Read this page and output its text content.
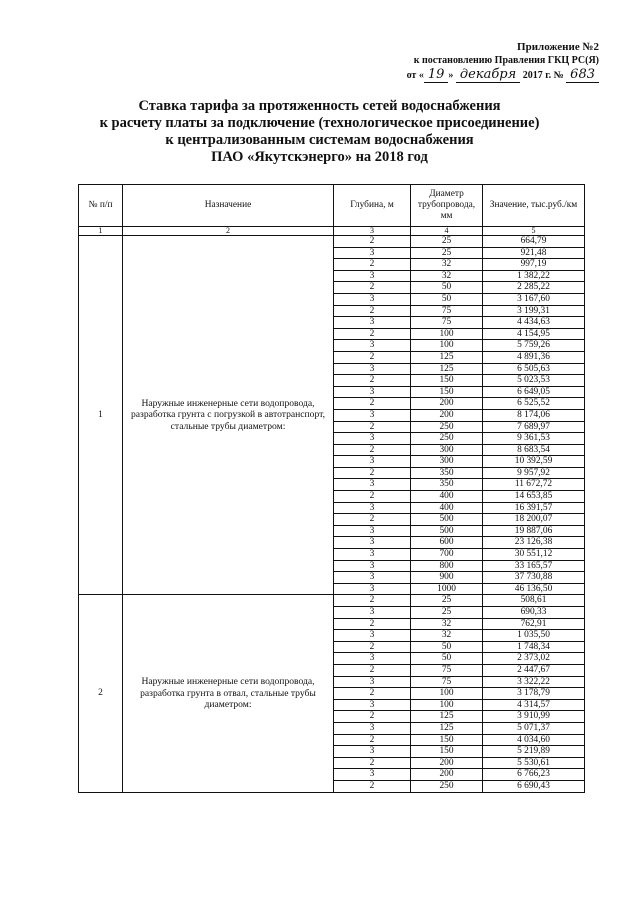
Приложение №2
к постановлению Правления ГКЦ РС(Я)
от « 19 » декабря 2017 г. № 683
Ставка тарифа за протяженность сетей водоснабжения
к расчету платы за подключение (технологическое присоединение)
к централизованным системам водоснабжения
ПАО «Якутскэнерго» на 2018 год
№ п/п	Назначение	Глубина, м	Диаметр трубопровода, мм	Значение, тыс.руб./км
1	2	3	4	5
1	Наружные инженерные сети водопровода, разработка грунта с погрузкой в автотранспорт, стальные трубы диаметром:	2	25	664,79
		3	25	921,48
		2	32	997,19
		3	32	1 382,22
		2	50	2 285,22
		3	50	3 167,60
		2	75	3 199,31
		3	75	4 434,63
		2	100	4 154,95
		3	100	5 759,26
		2	125	4 891,36
		3	125	6 505,63
		2	150	5 023,53
		3	150	6 649,05
		2	200	6 525,52
		3	200	8 174,06
		2	250	7 689,97
		3	250	9 361,53
		2	300	8 683,54
		3	300	10 392,59
		2	350	9 957,92
		3	350	11 672,72
		2	400	14 653,85
		3	400	16 391,57
		2	500	18 200,07
		3	500	19 887,06
		3	600	23 126,38
		3	700	30 551,12
		3	800	33 165,57
		3	900	37 730,88
		3	1000	46 136,50
2	Наружные инженерные сети водопровода, разработка грунта в отвал, стальные трубы диаметром:	2	25	508,61
		3	25	690,33
		2	32	762,91
		3	32	1 035,50
		2	50	1 748,34
		3	50	2 373,02
		2	75	2 447,67
		3	75	3 322,22
		2	100	3 178,79
		3	100	4 314,57
		2	125	3 910,99
		3	125	5 071,37
		2	150	4 034,60
		3	150	5 219,89
		2	200	5 530,61
		3	200	6 766,23
		2	250	6 690,43
